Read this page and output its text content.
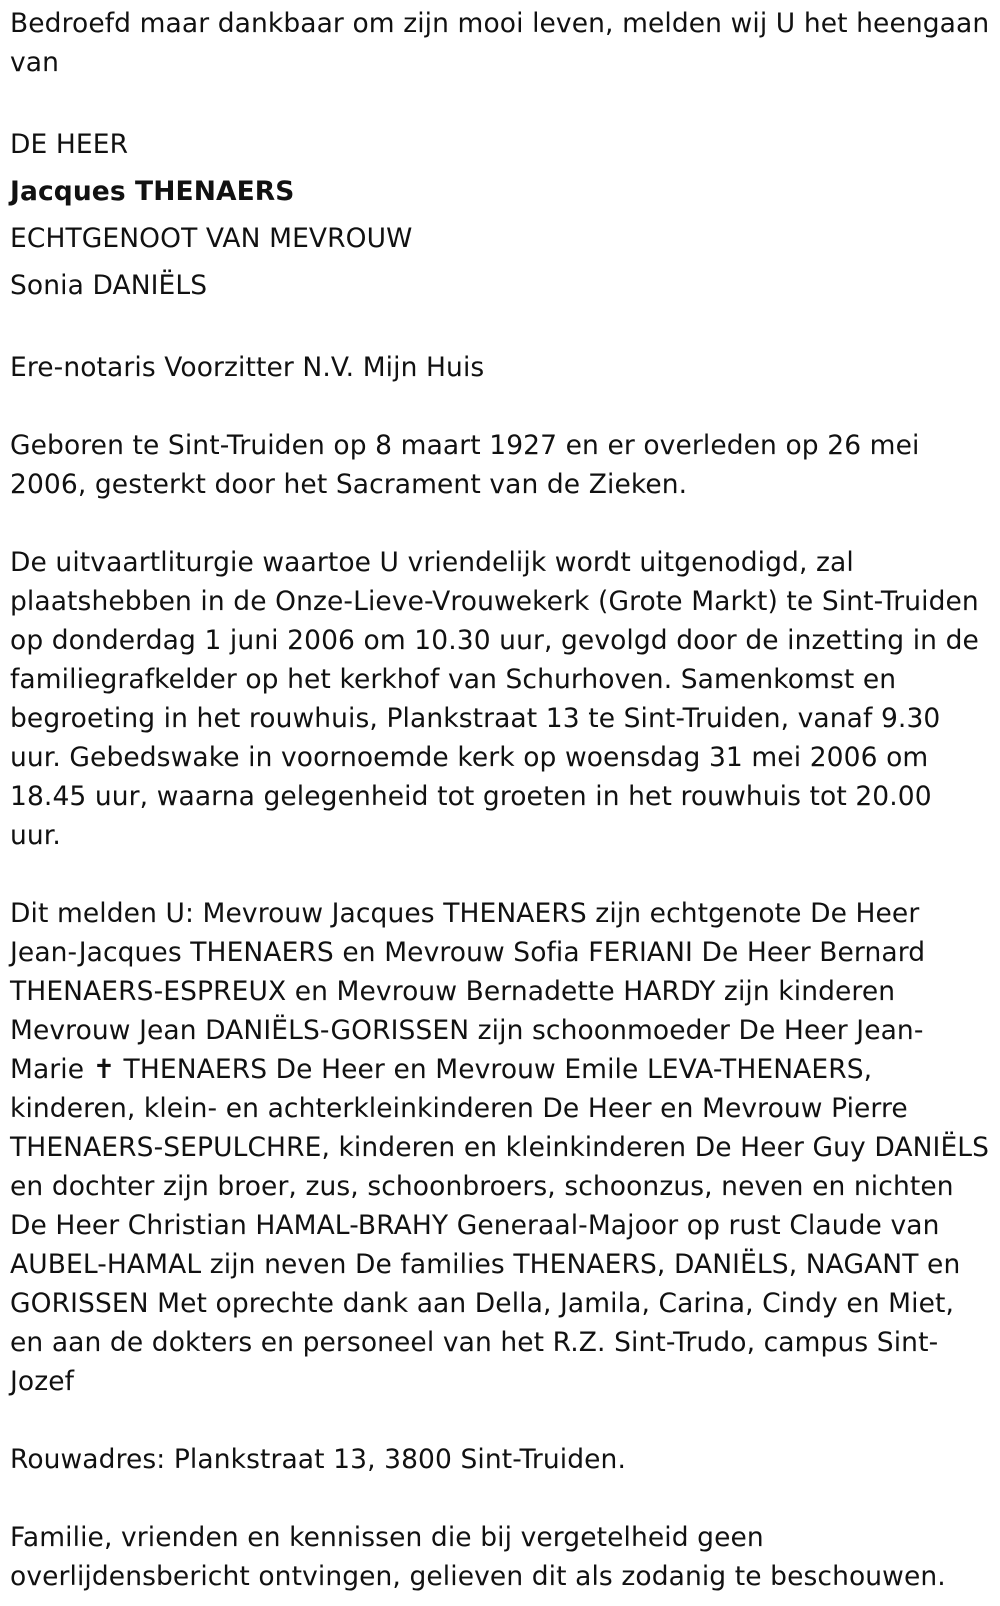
Bedroefd maar dankbaar om zijn mooi leven, melden wij U het heengaan van

DE HEER
Jacques THENAERS
ECHTGENOOT VAN MEVROUW
Sonia DANIËLS

Ere-notaris Voorzitter N.V. Mijn Huis

Geboren te Sint-Truiden op 8 maart 1927 en er overleden op 26 mei 2006, gesterkt door het Sacrament van de Zieken.

De uitvaartliturgie waartoe U vriendelijk wordt uitgenodigd, zal plaatshebben in de Onze-Lieve-Vrouwekerk (Grote Markt) te Sint-Truiden op donderdag 1 juni 2006 om 10.30 uur, gevolgd door de inzetting in de familiegrafkelder op het kerkhof van Schurhoven. Samenkomst en begroeting in het rouwhuis, Plankstraat 13 te Sint-Truiden, vanaf 9.30 uur. Gebedswake in voornoemde kerk op woensdag 31 mei 2006 om 18.45 uur, waarna gelegenheid tot groeten in het rouwhuis tot 20.00 uur.

Dit melden U: Mevrouw Jacques THENAERS zijn echtgenote De Heer Jean-Jacques THENAERS en Mevrouw Sofia FERIANI De Heer Bernard THENAERS-ESPREUX en Mevrouw Bernadette HARDY zijn kinderen Mevrouw Jean DANIËLS-GORISSEN zijn schoonmoeder De Heer Jean-Marie ✝ THENAERS De Heer en Mevrouw Emile LEVA-THENAERS, kinderen, klein- en achterkleinkinderen De Heer en Mevrouw Pierre THENAERS-SEPULCHRE, kinderen en kleinkinderen De Heer Guy DANIËLS en dochter zijn broer, zus, schoonbroers, schoonzus, neven en nichten De Heer Christian HAMAL-BRAHY Generaal-Majoor op rust Claude van AUBEL-HAMAL zijn neven De families THENAERS, DANIËLS, NAGANT en GORISSEN Met oprechte dank aan Della, Jamila, Carina, Cindy en Miet, en aan de dokters en personeel van het R.Z. Sint-Trudo, campus Sint-Jozef

Rouwadres: Plankstraat 13, 3800 Sint-Truiden.

Familie, vrienden en kennissen die bij vergetelheid geen overlijdensbericht ontvingen, gelieven dit als zodanig te beschouwen.
